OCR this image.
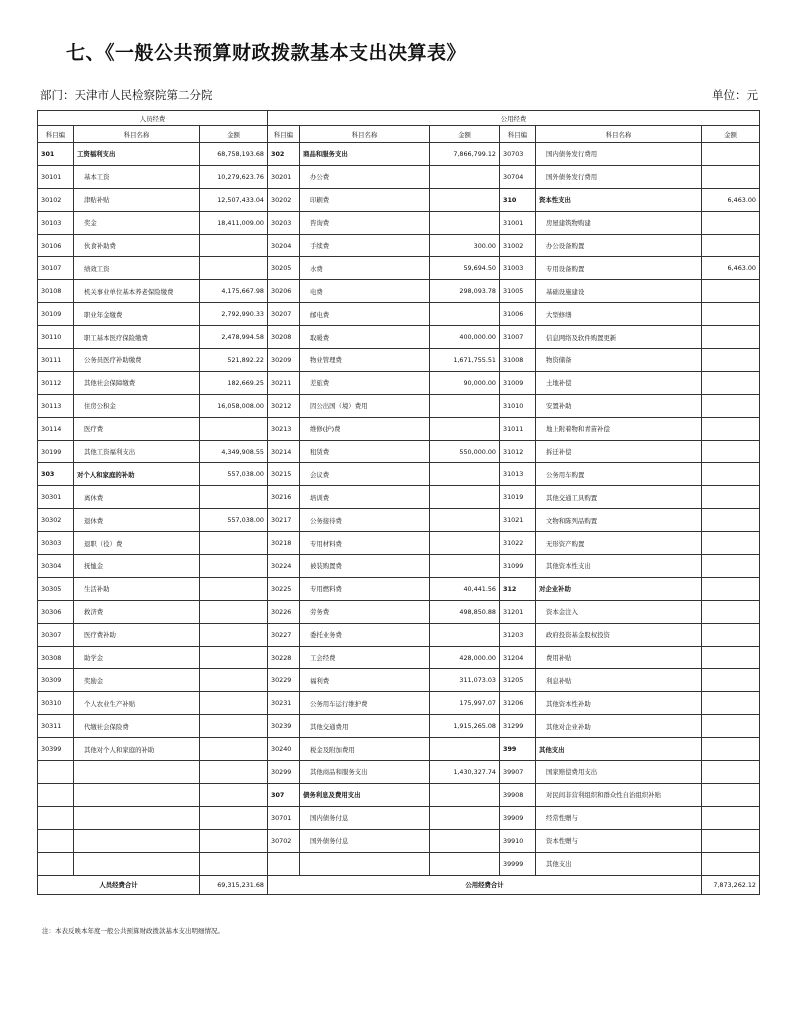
七、《一般公共预算财政拨款基本支出决算表》
部门：天津市人民检察院第二分院	单位：元
人员经费			公用经费					
科目编	科目名称	金额	科目编	科目名称	金额	科目编	科目名称	金额
301	工资福利支出	68,758,193.68	302	商品和服务支出	7,866,799.12	30703	国内债务发行费用	
30101	基本工资	10,279,623.76	30201	办公费		30704	国外债务发行费用	
30102	津贴补贴	12,507,433.04	30202	印刷费		310	资本性支出	6,463.00
30103	奖金	18,411,009.00	30203	咨询费		31001	房屋建筑物购建	
30106	伙食补助费		30204	手续费	300.00	31002	办公设备购置	
30107	绩效工资		30205	水费	59,694.50	31003	专用设备购置	6,463.00
30108	机关事业单位基本养老保险缴费	4,175,667.98	30206	电费	298,093.78	31005	基础设施建设	
30109	职业年金缴费	2,792,990.33	30207	邮电费		31006	大型修缮	
30110	职工基本医疗保险缴费	2,478,994.58	30208	取暖费	400,000.00	31007	信息网络及软件购置更新	
30111	公务员医疗补助缴费	521,892.22	30209	物业管理费	1,671,755.51	31008	物资储备	
30112	其他社会保障缴费	182,669.25	30211	差旅费	90,000.00	31009	土地补偿	
30113	住房公积金	16,058,008.00	30212	因公出国（境）费用		31010	安置补助	
30114	医疗费		30213	维修(护)费		31011	地上附着物和青苗补偿	
30199	其他工资福利支出	4,349,908.55	30214	租赁费	550,000.00	31012	拆迁补偿	
303	对个人和家庭的补助	557,038.00	30215	会议费		31013	公务用车购置	
30301	离休费		30216	培训费		31019	其他交通工具购置	
30302	退休费	557,038.00	30217	公务接待费		31021	文物和陈列品购置	
30303	退职（役）费		30218	专用材料费		31022	无形资产购置	
30304	抚恤金		30224	被装购置费		31099	其他资本性支出	
30305	生活补助		30225	专用燃料费	40,441.56	312	对企业补助	
30306	救济费		30226	劳务费	498,850.88	31201	资本金注入	
30307	医疗费补助		30227	委托业务费		31203	政府投资基金股权投资	
30308	助学金		30228	工会经费	428,000.00	31204	费用补贴	
30309	奖励金		30229	福利费	311,073.03	31205	利息补贴	
30310	个人农业生产补贴		30231	公务用车运行维护费	175,997.07	31206	其他资本性补助	
30311	代缴社会保险费		30239	其他交通费用	1,915,265.08	31299	其他对企业补助	
30399	其他对个人和家庭的补助		30240	税金及附加费用		399	其他支出	
			30299	其他商品和服务支出	1,430,327.74	39907	国家赔偿费用支出	
			307	债务利息及费用支出		39908	对民间非营利组织和群众性自治组织补贴	
			30701	国内债务付息		39909	经常性赠与	
			30702	国外债务付息		39910	资本性赠与	
						39999	其他支出	
人员经费合计		69,315,231.68	公用经费合计					7,873,262.12
注：本表反映本年度一般公共预算财政拨款基本支出明细情况。
